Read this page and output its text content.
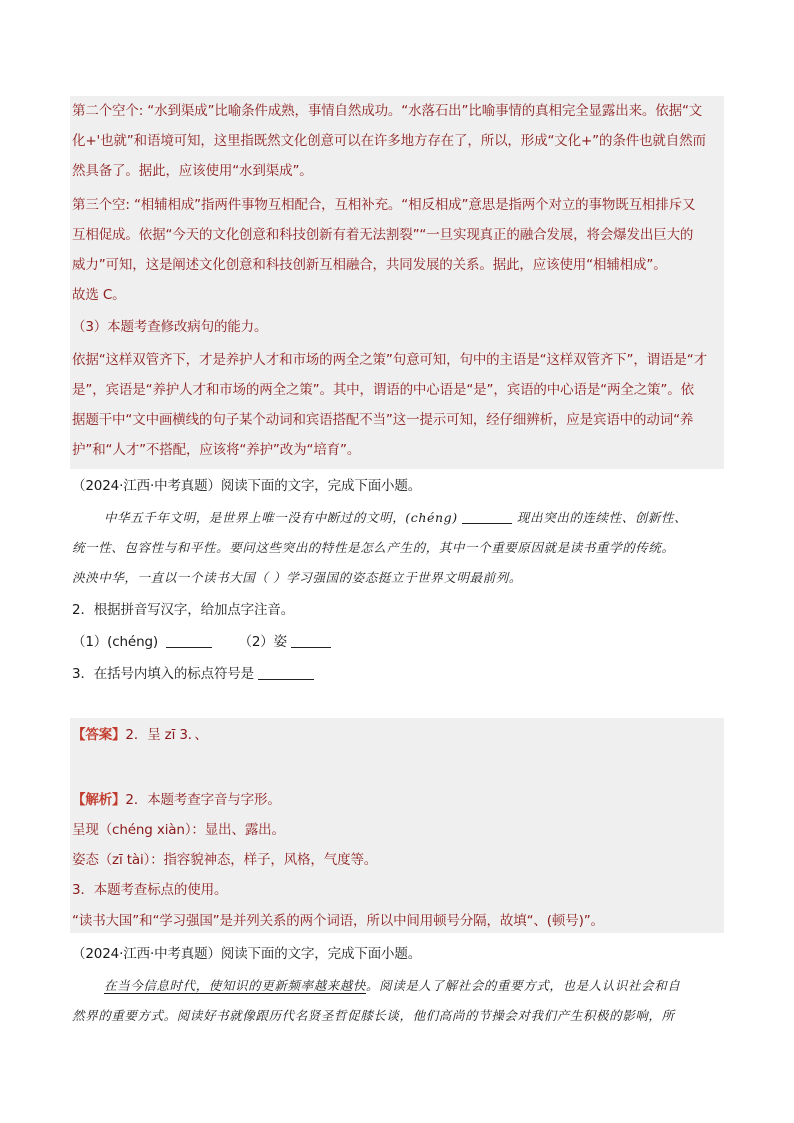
第二个空个: “水到渠成”比喻条件成熟，事情自然成功。“水落石出”比喻事情的真相完全显露出来。依据“文
化+'也就”和语境可知，这里指既然文化创意可以在许多地方存在了，所以，形成“文化+”的条件也就自然而
然具备了。据此，应该使用“水到渠成”。
第三个空: “相辅相成”指两件事物互相配合，互相补充。“相反相成”意思是指两个对立的事物既互相排斥又
互相促成。依据“今天的文化创意和科技创新有着无法割裂”“一旦实现真正的融合发展，将会爆发出巨大的
威力”可知，这是阐述文化创意和科技创新互相融合，共同发展的关系。据此，应该使用“相辅相成”。
故选 C。
（3）本题考查修改病句的能力。
依据“这样双管齐下，才是养护人才和市场的两全之策”句意可知，句中的主语是“这样双管齐下”，谓语是“才
是”，宾语是“养护人才和市场的两全之策”。其中，谓语的中心语是“是”，宾语的中心语是“两全之策”。依
据题干中“文中画横线的句子某个动词和宾语搭配不当”这一提示可知，经仔细辨析，应是宾语中的动词“养
护”和“人才”不搭配，应该将“养护”改为“培育”。
（2024·江西·中考真题）阅读下面的文字，完成下面小题。
中华五千年文明，是世界上唯一没有中断过的文明，(chéng)	现出突出的连续性、创新性、
统一性、包容性与和平性。要问这些突出的特性是怎么产生的，其中一个重要原因就是读书重学的传统。
泱泱中华，一直以一个读书大国（ ）学习强国的姿态挺立于世界文明最前列。
2．根据拼音写汉字，给加点字注音。
（1）(chéng)	（2）姿
3．在括号内填入的标点符号是
【答案】2．呈 zī 3．、
【解析】2．本题考查字音与字形。
呈现（chéng xiàn）：显出、露出。
姿态（zī tài）：指容貌神态，样子，风格，气度等。
3．本题考查标点的使用。
“读书大国”和“学习强国”是并列关系的两个词语，所以中间用顿号分隔，故填“、(顿号)”。
（2024·江西·中考真题）阅读下面的文字，完成下面小题。
在当今信息时代，使知识的更新频率越来越快。阅读是人了解社会的重要方式，也是人认识社会和自
然界的重要方式。阅读好书就像跟历代名贤圣哲促膝长谈，他们高尚的节操会对我们产生积极的影响，所
